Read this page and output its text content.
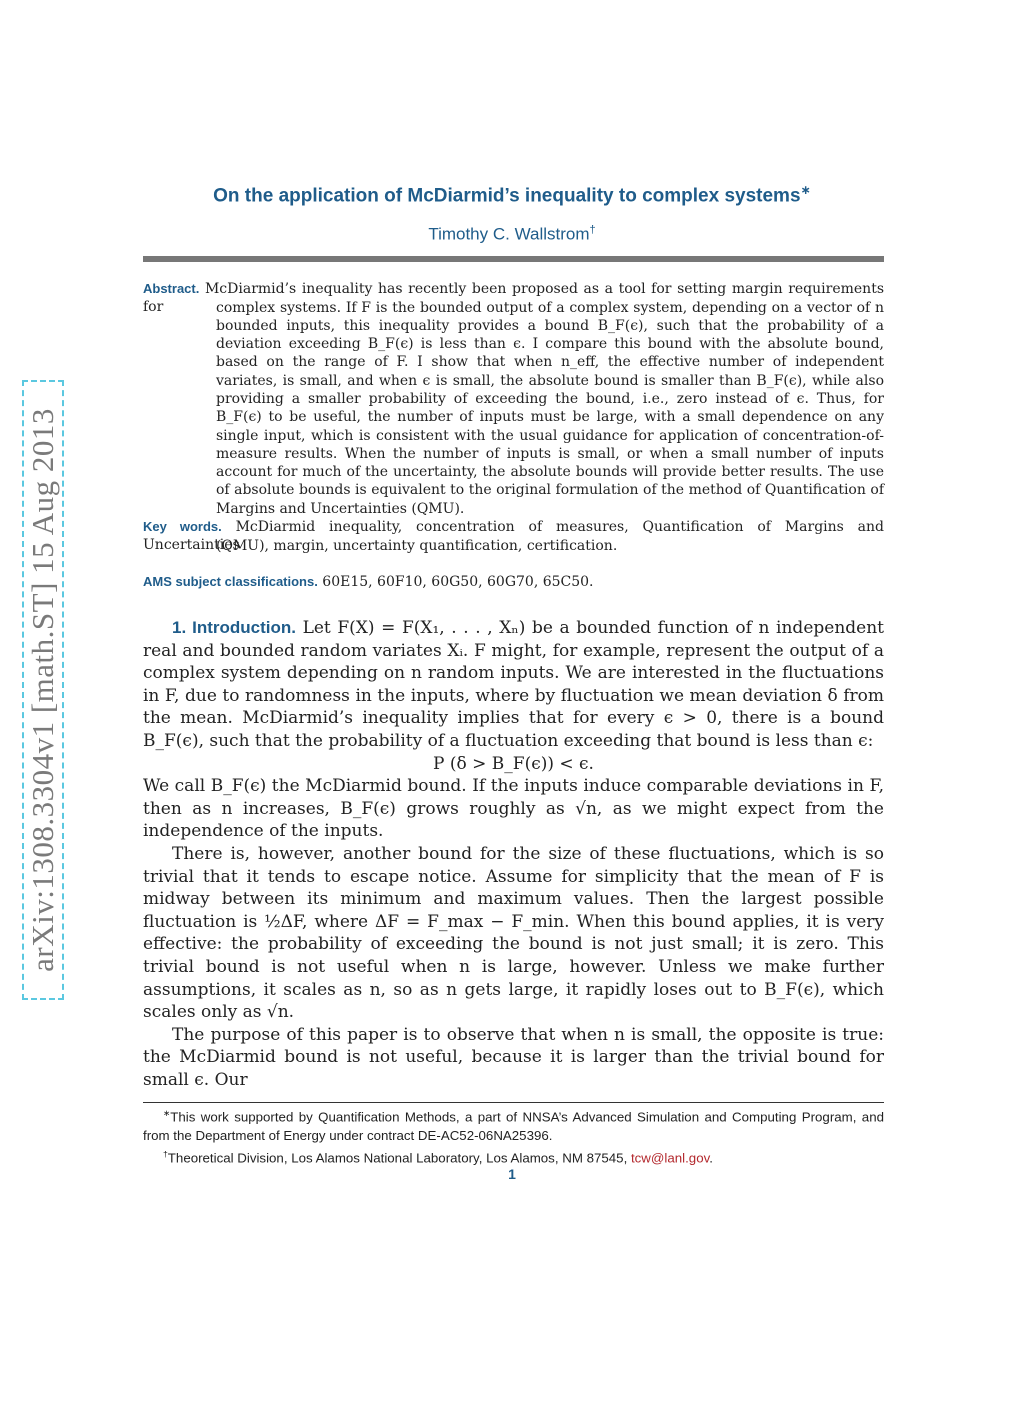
arXiv:1308.3304v1 [math.ST] 15 Aug 2013
On the application of McDiarmid’s inequality to complex systems∗
Timothy C. Wallstrom†
Abstract. McDiarmid’s inequality has recently been proposed as a tool for setting margin requirements for	complex systems. If F is the bounded output of a complex system, depending on a vector of n bounded inputs, this inequality provides a bound B_F(ϵ), such that the probability of a deviation exceeding B_F(ϵ) is less than ϵ. I compare this bound with the absolute bound, based on the range of F. I show that when n_eff, the effective number of independent variates, is small, and when ϵ is small, the absolute bound is smaller than B_F(ϵ), while also providing a smaller probability of exceeding the bound, i.e., zero instead of ϵ. Thus, for B_F(ϵ) to be useful, the number of inputs must be large, with a small dependence on any single input, which is consistent with the usual guidance for application of concentration-of-measure results. When the number of inputs is small, or when a small number of inputs account for much of the uncertainty, the absolute bounds will provide better results. The use of absolute bounds is equivalent to the original formulation of the method of Quantification of Margins and Uncertainties (QMU).
Key words. McDiarmid inequality, concentration of measures, Quantification of Margins and Uncertainties
(QMU), margin, uncertainty quantification, certification.
AMS subject classifications. 60E15, 60F10, 60G50, 60G70, 65C50.

1. Introduction. Let F(X) = F(X₁, . . . , Xₙ) be a bounded function of n independent real and bounded random variates Xᵢ. F might, for example, represent the output of a complex system depending on n random inputs. We are interested in the fluctuations in F, due to randomness in the inputs, where by fluctuation we mean deviation δ from the mean. McDiarmid’s inequality implies that for every ϵ > 0, there is a bound B_F(ϵ), such that the probability of a fluctuation exceeding that bound is less than ϵ:

P (δ > B_F(ϵ)) < ϵ.

We call B_F(ϵ) the McDiarmid bound. If the inputs induce comparable deviations in F, then as n increases, B_F(ϵ) grows roughly as √n, as we might expect from the independence of the inputs.

There is, however, another bound for the size of these fluctuations, which is so trivial that it tends to escape notice. Assume for simplicity that the mean of F is midway between its minimum and maximum values. Then the largest possible fluctuation is ½ΔF, where ΔF = F_max − F_min. When this bound applies, it is very effective: the probability of exceeding the bound is not just small; it is zero. This trivial bound is not useful when n is large, however. Unless we make further assumptions, it scales as n, so as n gets large, it rapidly loses out to B_F(ϵ), which scales only as √n.

The purpose of this paper is to observe that when n is small, the opposite is true: the McDiarmid bound is not useful, because it is larger than the trivial bound for small ϵ. Our

∗This work supported by Quantification Methods, a part of NNSA’s Advanced Simulation and Computing Program, and from the Department of Energy under contract DE-AC52-06NA25396.

†Theoretical Division, Los Alamos National Laboratory, Los Alamos, NM 87545, tcw@lanl.gov.

1
